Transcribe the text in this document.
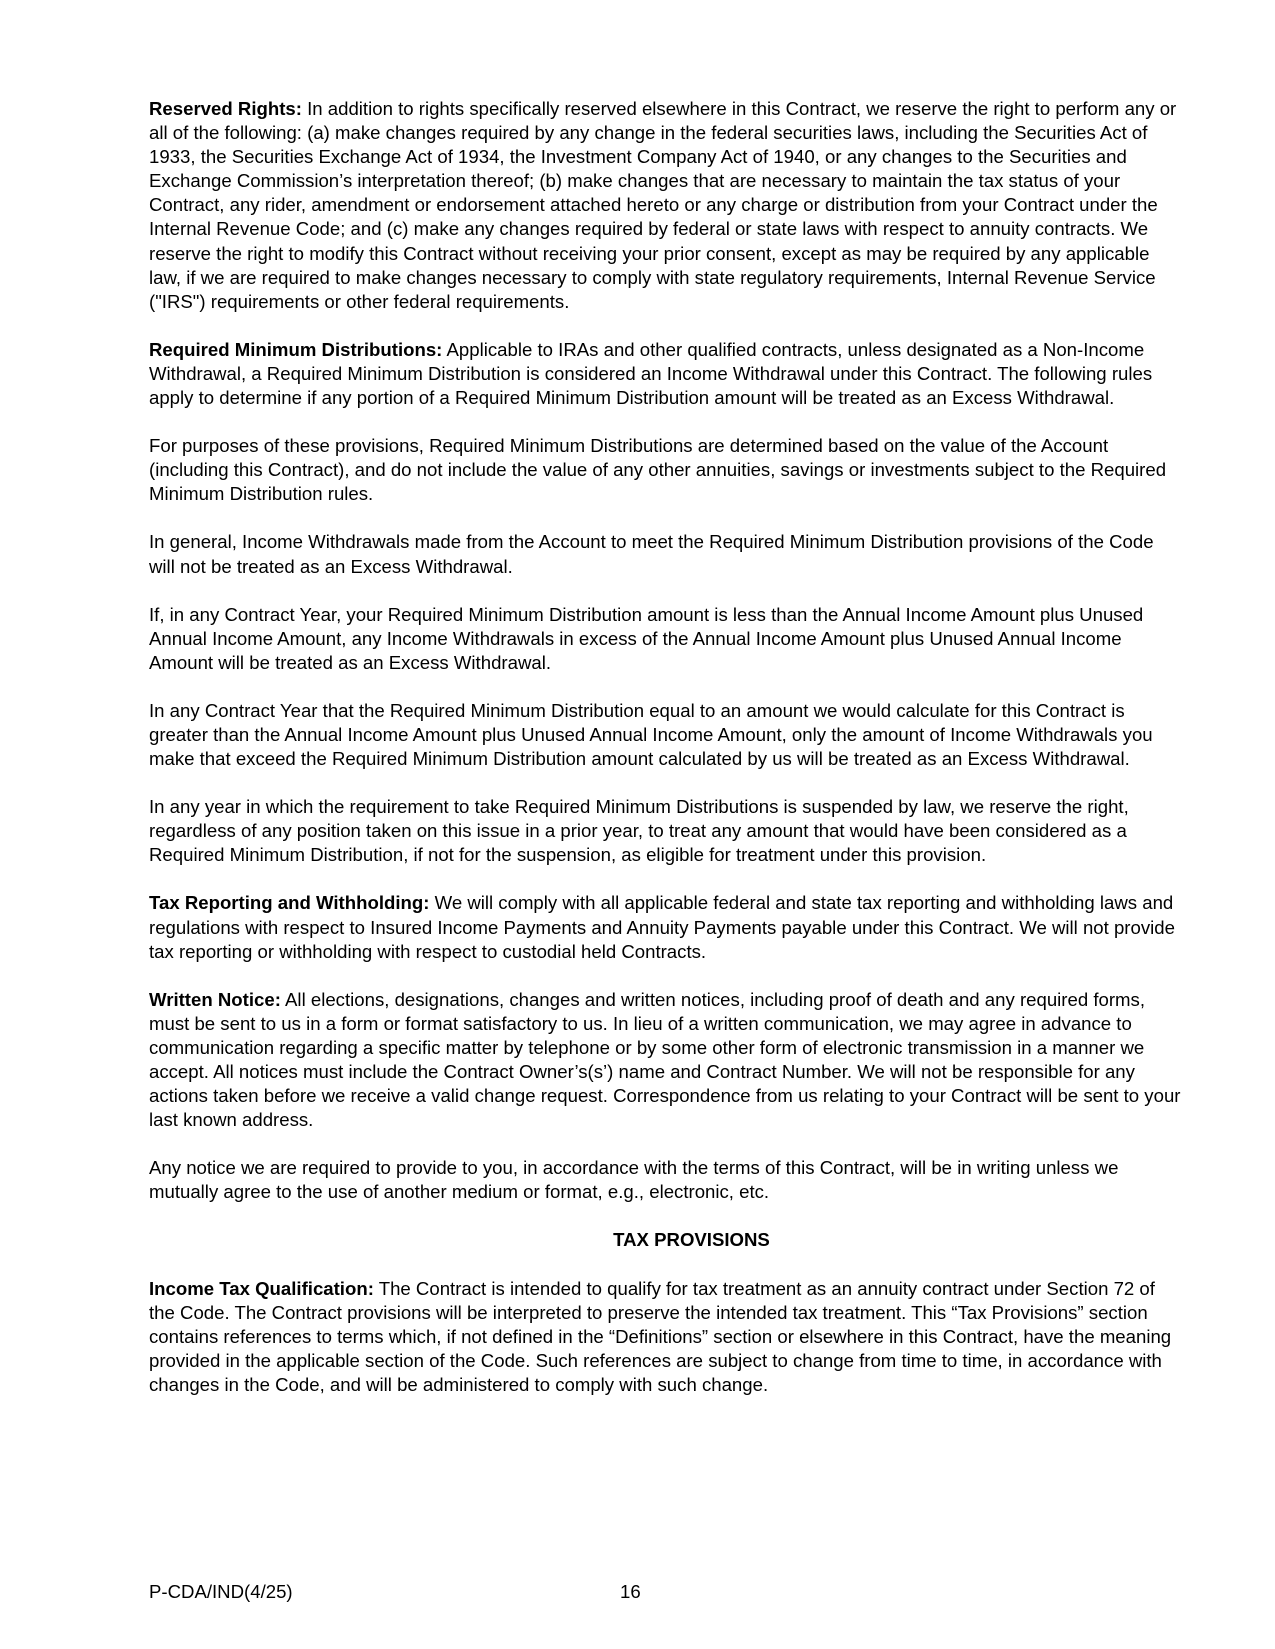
Reserved Rights: In addition to rights specifically reserved elsewhere in this Contract, we reserve the right to perform any or all of the following: (a) make changes required by any change in the federal securities laws, including the Securities Act of 1933, the Securities Exchange Act of 1934, the Investment Company Act of 1940, or any changes to the Securities and Exchange Commission’s interpretation thereof; (b) make changes that are necessary to maintain the tax status of your Contract, any rider, amendment or endorsement attached hereto or any charge or distribution from your Contract under the Internal Revenue Code; and (c) make any changes required by federal or state laws with respect to annuity contracts. We reserve the right to modify this Contract without receiving your prior consent, except as may be required by any applicable law, if we are required to make changes necessary to comply with state regulatory requirements, Internal Revenue Service ("IRS") requirements or other federal requirements.

Required Minimum Distributions: Applicable to IRAs and other qualified contracts, unless designated as a Non-Income Withdrawal, a Required Minimum Distribution is considered an Income Withdrawal under this Contract. The following rules apply to determine if any portion of a Required Minimum Distribution amount will be treated as an Excess Withdrawal.

For purposes of these provisions, Required Minimum Distributions are determined based on the value of the Account (including this Contract), and do not include the value of any other annuities, savings or investments subject to the Required Minimum Distribution rules.

In general, Income Withdrawals made from the Account to meet the Required Minimum Distribution provisions of the Code will not be treated as an Excess Withdrawal.

If, in any Contract Year, your Required Minimum Distribution amount is less than the Annual Income Amount plus Unused Annual Income Amount, any Income Withdrawals in excess of the Annual Income Amount plus Unused Annual Income Amount will be treated as an Excess Withdrawal.

In any Contract Year that the Required Minimum Distribution equal to an amount we would calculate for this Contract is greater than the Annual Income Amount plus Unused Annual Income Amount, only the amount of Income Withdrawals you make that exceed the Required Minimum Distribution amount calculated by us will be treated as an Excess Withdrawal.

In any year in which the requirement to take Required Minimum Distributions is suspended by law, we reserve the right, regardless of any position taken on this issue in a prior year, to treat any amount that would have been considered as a Required Minimum Distribution, if not for the suspension, as eligible for treatment under this provision.

Tax Reporting and Withholding: We will comply with all applicable federal and state tax reporting and withholding laws and regulations with respect to Insured Income Payments and Annuity Payments payable under this Contract. We will not provide tax reporting or withholding with respect to custodial held Contracts.

Written Notice: All elections, designations, changes and written notices, including proof of death and any required forms, must be sent to us in a form or format satisfactory to us. In lieu of a written communication, we may agree in advance to communication regarding a specific matter by telephone or by some other form of electronic transmission in a manner we accept. All notices must include the Contract Owner’s(s’) name and Contract Number. We will not be responsible for any actions taken before we receive a valid change request. Correspondence from us relating to your Contract will be sent to your last known address.

Any notice we are required to provide to you, in accordance with the terms of this Contract, will be in writing unless we mutually agree to the use of another medium or format, e.g., electronic, etc.

TAX PROVISIONS

Income Tax Qualification: The Contract is intended to qualify for tax treatment as an annuity contract under Section 72 of the Code. The Contract provisions will be interpreted to preserve the intended tax treatment. This “Tax Provisions” section contains references to terms which, if not defined in the “Definitions” section or elsewhere in this Contract, have the meaning provided in the applicable section of the Code. Such references are subject to change from time to time, in accordance with changes in the Code, and will be administered to comply with such change.

P-CDA/IND(4/25)	16
